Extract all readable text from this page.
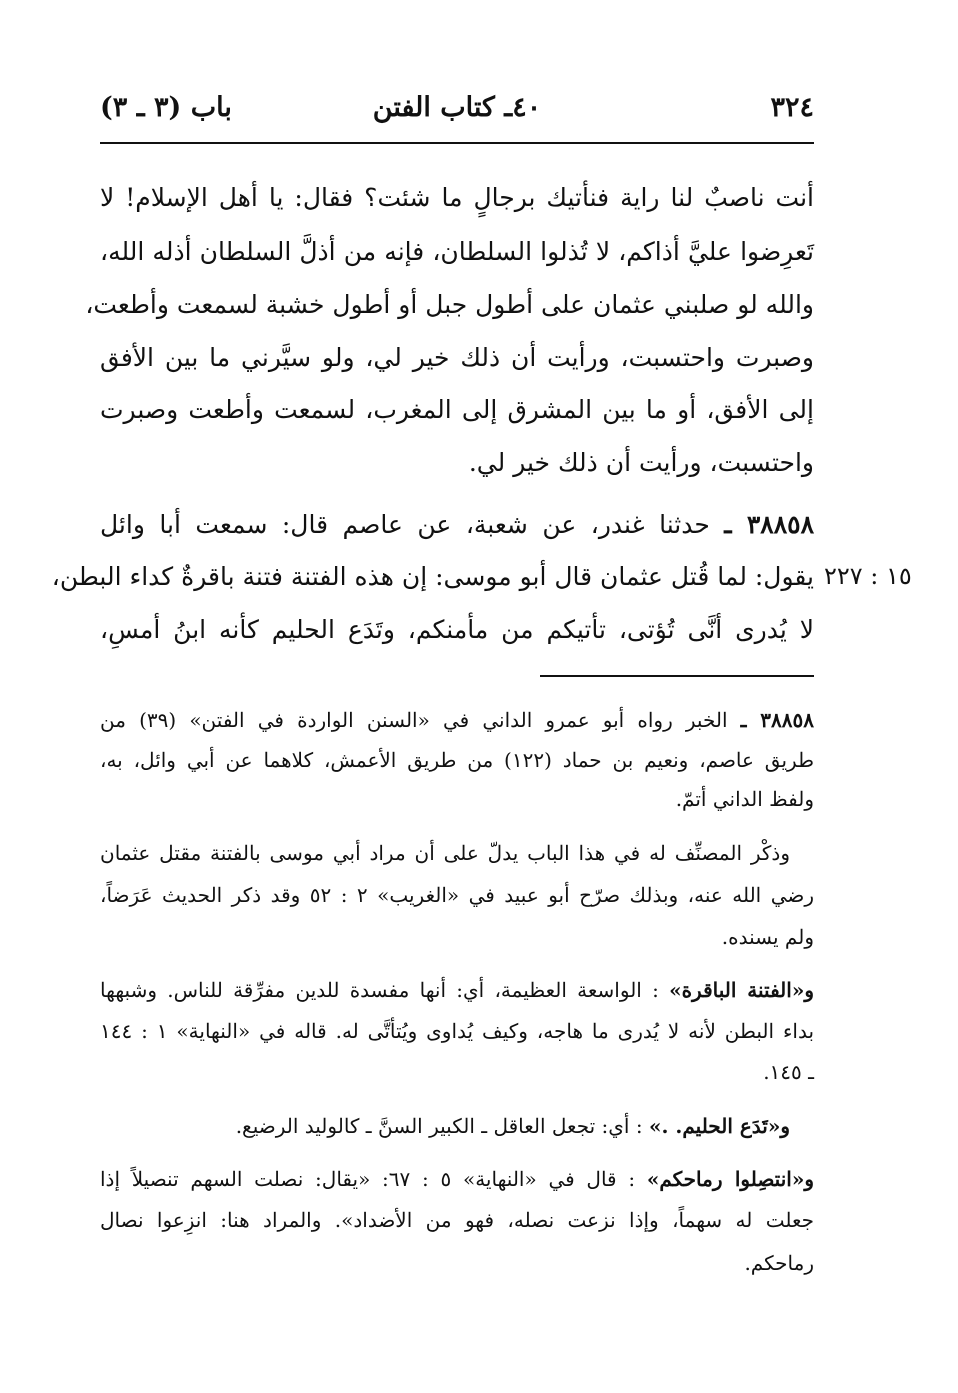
٣٢٤
٤٠ـ كتاب الفتن
باب (٣ ـ ٣)
أنت ناصبٌ لنا راية فنأتيك برجالٍ ما شئت؟ فقال: يا أهل الإسلام! لا
تَعرِضوا عليَّ أذاكم، لا تُذلوا السلطان، فإنه من أذلَّ السلطان أذله الله،
والله لو صلبني عثمان على أطول جبل أو أطول خشبة لسمعت وأطعت،
وصبرت واحتسبت، ورأيت أن ذلك خير لي، ولو سيَّرني ما بين الأفق
إلى الأفق، أو ما بين المشرق إلى المغرب، لسمعت وأطعت وصبرت
واحتسبت، ورأيت أن ذلك خير لي.
٣٨٨٥٨ ـ حدثنا غندر، عن شعبة، عن عاصم قال: سمعت أبا وائل
يقول: لما قُتل عثمان قال أبو موسى: إن هذه الفتنة فتنة باقرةٌ كداء البطن،
لا يُدرى أنَّى تُؤتى، تأتيكم من مأمنكم، وتَدَع الحليم كأنه ابنُ أمسِ،
١٥ : ٢٢٧
٣٨٨٥٨ ـ الخبر رواه أبو عمرو الداني في «السنن الواردة في الفتن» (٣٩) من
طريق عاصم، ونعيم بن حماد (١٢٢) من طريق الأعمش، كلاهما عن أبي وائل، به،
ولفظ الداني أتمّ.
وذكْر المصنِّف له في هذا الباب يدلّ على أن مراد أبي موسى بالفتنة مقتل عثمان
رضي الله عنه، وبذلك صرّح أبو عبيد في «الغريب» ٢ : ٥٢ وقد ذكر الحديث عَرَضاً،
ولم يسنده.
و«الفتنة الباقرة» : الواسعة العظيمة، أي: أنها مفسدة للدين مفرِّقة للناس. وشبهها
بداء البطن لأنه لا يُدرى ما هاجه، وكيف يُداوى ويُتأتَّى له. قاله في «النهاية» ١ : ١٤٤
ـ ١٤٥.
و«تَدَع الحليم. .» : أي: تجعل العاقل ـ الكبير السنَّ ـ كالوليد الرضيع.
و«انتصِلوا رماحكم» : قال في «النهاية» ٥ : ٦٧: «يقال: نصلت السهم تنصيلاً إذا
جعلت له سهماً، وإذا نزعت نصله، فهو من الأضداد». والمراد هنا: انزِعوا نصال
رماحكم.
